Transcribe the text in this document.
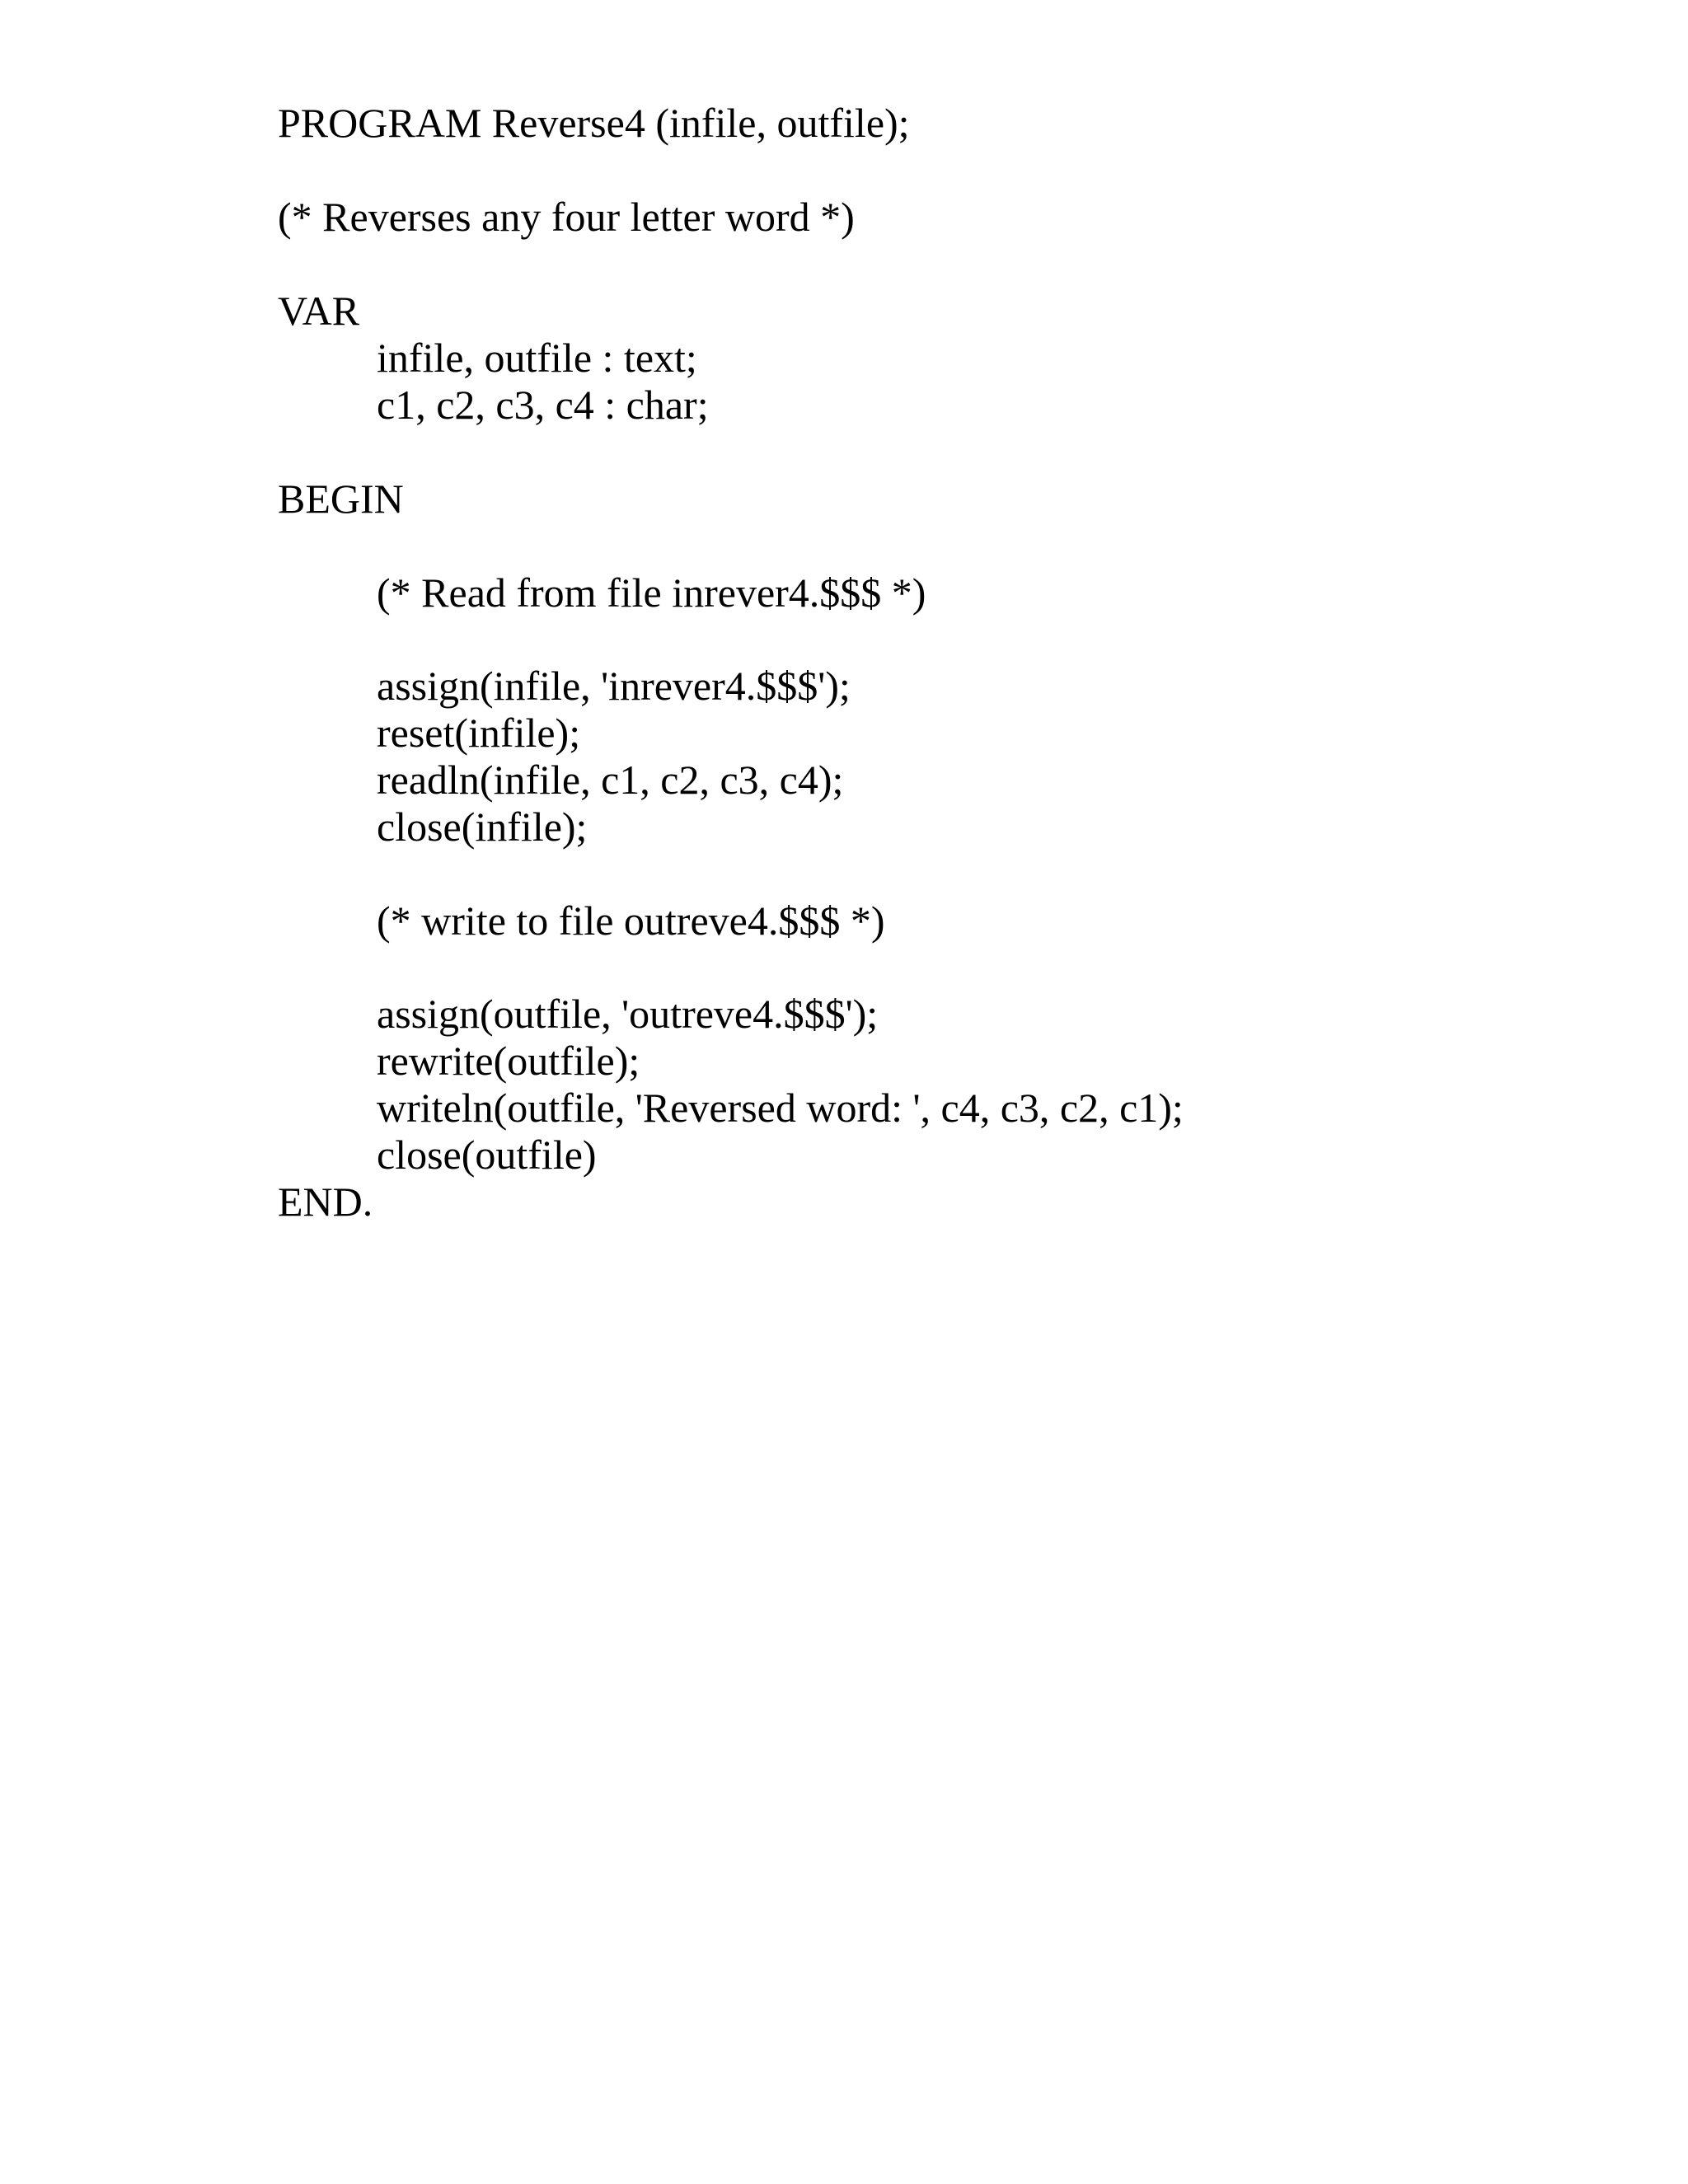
PROGRAM Reverse4 (infile, outfile);
(* Reverses any four letter word *)
VAR
infile, outfile : text;
c1, c2, c3, c4 : char;
BEGIN
(* Read from file inrever4.$$$ *)
assign(infile, 'inrever4.$$$');
reset(infile);
readln(infile, c1, c2, c3, c4);
close(infile);
(* write to file outreve4.$$$ *)
assign(outfile, 'outreve4.$$$');
rewrite(outfile);
writeln(outfile, 'Reversed word: ', c4, c3, c2, c1);
close(outfile)
END.
